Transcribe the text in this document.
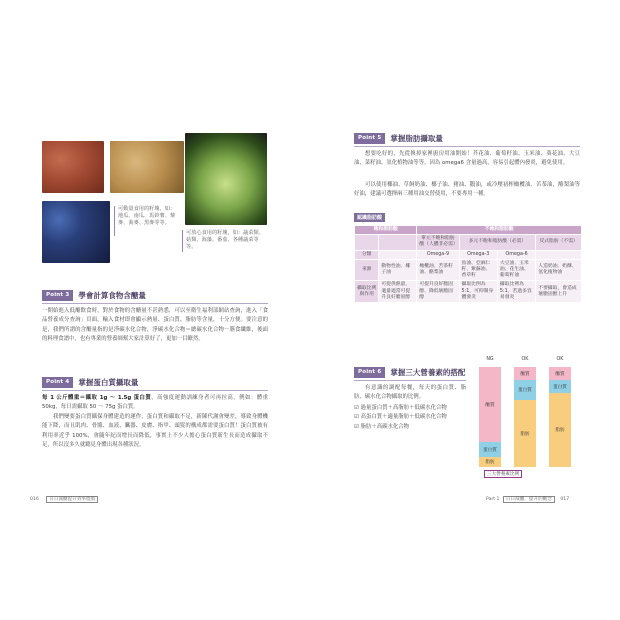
可動量食用的籽塊，如：地瓜、南瓜、馬鈴薯、藜麥、蕎麥、黑麥等等。
可放心食用的籽塊，如：蔬菜類、菇類、海藻、番茄、各種蔬菜等等。
Point 3	學會計算食物含醣量
一開始進入低醣飲食時，對於食物的含醣量不甚熟悉，可以至衛生福利部網站查詢，進入「食品營養成分查詢」頁面，輸入食材即會顯示熱量、蛋白質、脂肪等含量，十分方便。要注意的是，我們所謂的含醣量指的是淨碳水化合物，淨碳水化合物＝總碳水化合物－膳食纖維，後面的料理食譜中，也有專業的營養師幫大家計算好了，更加一目瞭然。
Point 4	掌握蛋白質攝取量
每 1 公斤體重＝攝取 1g ～ 1.5g 蛋白質，高強度運動訓練身者可再拉高，例如：體重 50kg，每日需攝取 50 ～ 75g 蛋白質。
我們變要蛋白質攝保身體建造的運作，蛋白質和攝取不足，新陳代謝會變差，導致身體機能下降，而且肌肉、骨骼、血液、臟器、皮膚、指甲、頭髮的構成都需要蛋白質！蛋白質被有利用率近乎 100%，會隨年紀而增長而降低，事實上不少人擔心蛋白質新生長而造成攝取不足，所以沒多久就聽見身體出現各種狀況。
016 日日減醣提升效率燒脂
Point 5	掌握脂肪攝取量
想要吃好的，先從換掉家裡廚房用油開始！芥花油、葡萄籽油、玉米油、葵花油、大豆油、菜籽油、氫化植物油等等，因為 omega6 含量過高，容易引起體內發炎，避免使用。
可以使用椰油、草飼奶油、椰子油、豬油、鵝油，或冷壓初榨橄欖油、苦茶油，酪梨油等好油，建議可選擇兩三種用油交替使用，不要專用一種。
認識脂肪酸
飽和脂肪酸		不飽和脂肪酸			
		單元不飽和脂肪酸（人體非必需）	多元不飽和脂肪酸（必需）		反式脂肪（不需）
分類		Omega-9	Omega-3	Omega-6	
來源	動物性油、椰子油	橄欖油、苦茶籽油、酪梨油	魚油、亞麻仁籽、紫蘇油、香草籽	大豆油、玉米油、花生油、葡萄籽油	人造奶油、奶酥、氫化植物油
攝取比例與作用	可提供熱量、適量適當可提升良好膽固醇	可提升良好膽固醇、降低壞膽固醇	攝取比例為 5:1，可抑制身體發炎	攝取比例為 5:1，若過多容易發炎	不要攝取，會造成壞膽固醇上升
Point 6	掌握三大營養素的搭配
有意識的調配每餐，每天的蛋白質、脂肪、碳水化合物攝取的比例。
☑ 過量蛋白質＋高脂肪＋低碳水化合物
☑ 高蛋白質＋適量脂肪＋低碳水化合物
☑ 脂肪＋高碳水化合物
NG
醣質
蛋白質
脂肪
OK
醣質
蛋白質
脂肪
OK
醣質
蛋白質
脂肪
三大營養素比例
Part 1 日日減醣．提升的觀念 017
